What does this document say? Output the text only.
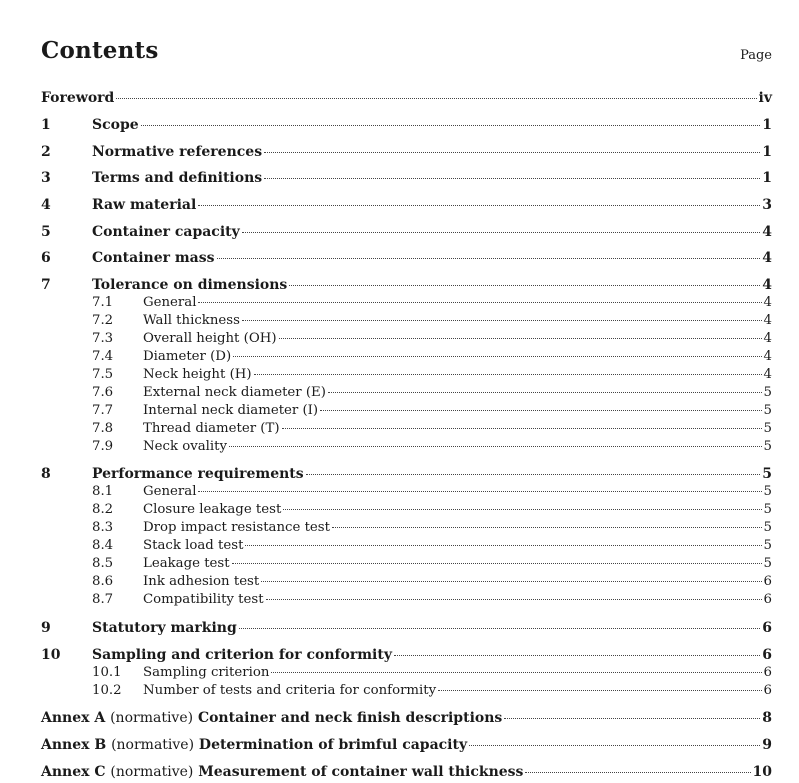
Contents	Page
Foreword	iv
1	Scope	1
2	Normative references	1
3	Terms and definitions	1
4	Raw material	3
5	Container capacity	4
6	Container mass	4
7	Tolerance on dimensions	4
7.1	General	4
7.2	Wall thickness	4
7.3	Overall height (OH)	4
7.4	Diameter (D)	4
7.5	Neck height (H)	4
7.6	External neck diameter (E)	5
7.7	Internal neck diameter (I)	5
7.8	Thread diameter (T)	5
7.9	Neck ovality	5
8	Performance requirements	5
8.1	General	5
8.2	Closure leakage test	5
8.3	Drop impact resistance test	5
8.4	Stack load test	5
8.5	Leakage test	5
8.6	Ink adhesion test	6
8.7	Compatibility test	6
9	Statutory marking	6
10	Sampling and criterion for conformity	6
10.1	Sampling criterion	6
10.2	Number of tests and criteria for conformity	6
Annex A (normative) Container and neck finish descriptions	8
Annex B (normative) Determination of brimful capacity	9
Annex C (normative) Measurement of container wall thickness	10
